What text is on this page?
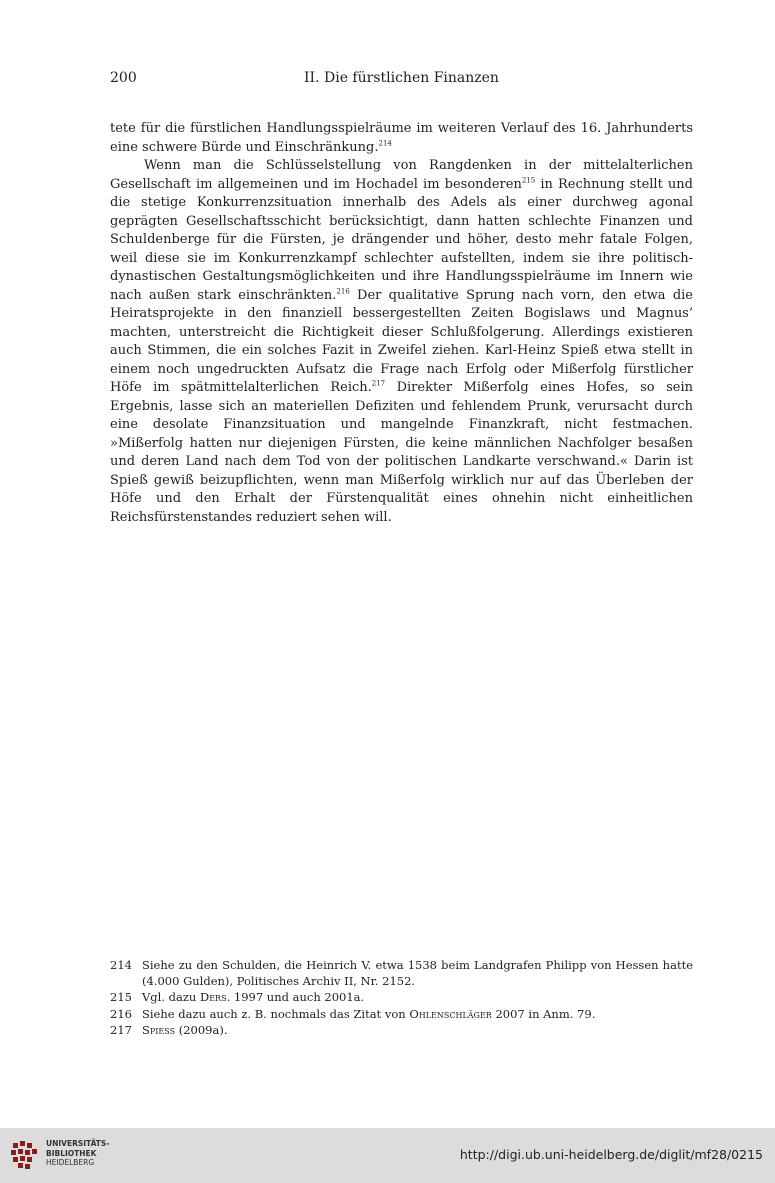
200	II. Die fürstlichen Finanzen

tete für die fürstlichen Handlungsspielräume im weiteren Verlauf des 16. Jahrhunderts eine schwere Bürde und Einschränkung.$^{214}$

Wenn man die Schlüsselstellung von Rangdenken in der mittelalterlichen Gesellschaft im allgemeinen und im Hochadel im besonderen$^{215}$ in Rechnung stellt und die stetige Konkurrenzsituation innerhalb des Adels als einer durchweg agonal geprägten Gesellschaftsschicht berücksichtigt, dann hatten schlechte Finanzen und Schuldenberge für die Fürsten, je drängender und höher, desto mehr fatale Folgen, weil diese sie im Konkurrenzkampf schlechter aufstellten, indem sie ihre politisch-dynastischen Gestaltungsmöglichkeiten und ihre Handlungsspielräume im Innern wie nach außen stark einschränkten.$^{216}$ Der qualitative Sprung nach vorn, den etwa die Heiratsprojekte in den finanziell bessergestellten Zeiten Bogislaws und Magnus’ machten, unterstreicht die Richtigkeit dieser Schlußfolgerung. Allerdings existieren auch Stimmen, die ein solches Fazit in Zweifel ziehen. Karl-Heinz Spieß etwa stellt in einem noch ungedruckten Aufsatz die Frage nach Erfolg oder Mißerfolg fürstlicher Höfe im spätmittelalterlichen Reich.$^{217}$ Direkter Mißerfolg eines Hofes, so sein Ergebnis, lasse sich an materiellen Defiziten und fehlendem Prunk, verursacht durch eine desolate Finanzsituation und mangelnde Finanzkraft, nicht festmachen. »Mißerfolg hatten nur diejenigen Fürsten, die keine männlichen Nachfolger besaßen und deren Land nach dem Tod von der politischen Landkarte verschwand.« Darin ist Spieß gewiß beizupflichten, wenn man Mißerfolg wirklich nur auf das Überleben der Höfe und den Erhalt der Fürstenqualität eines ohnehin nicht einheitlichen Reichsfürstenstandes reduziert sehen will.

214 Siehe zu den Schulden, die Heinrich V. etwa 1538 beim Landgrafen Philipp von Hessen hatte (4.000 Gulden), Politisches Archiv II, Nr. 2152.
215 Vgl. dazu Ders. 1997 und auch 2001a.
216 Siehe dazu auch z. B. nochmals das Zitat von Ohlenschläger 2007 in Anm. 79.
217 Spiess (2009a).
UNIVERSITÄTS-
BIBLIOTHEK
HEIDELBERG
http://digi.ub.uni-heidelberg.de/diglit/mf28/0215
